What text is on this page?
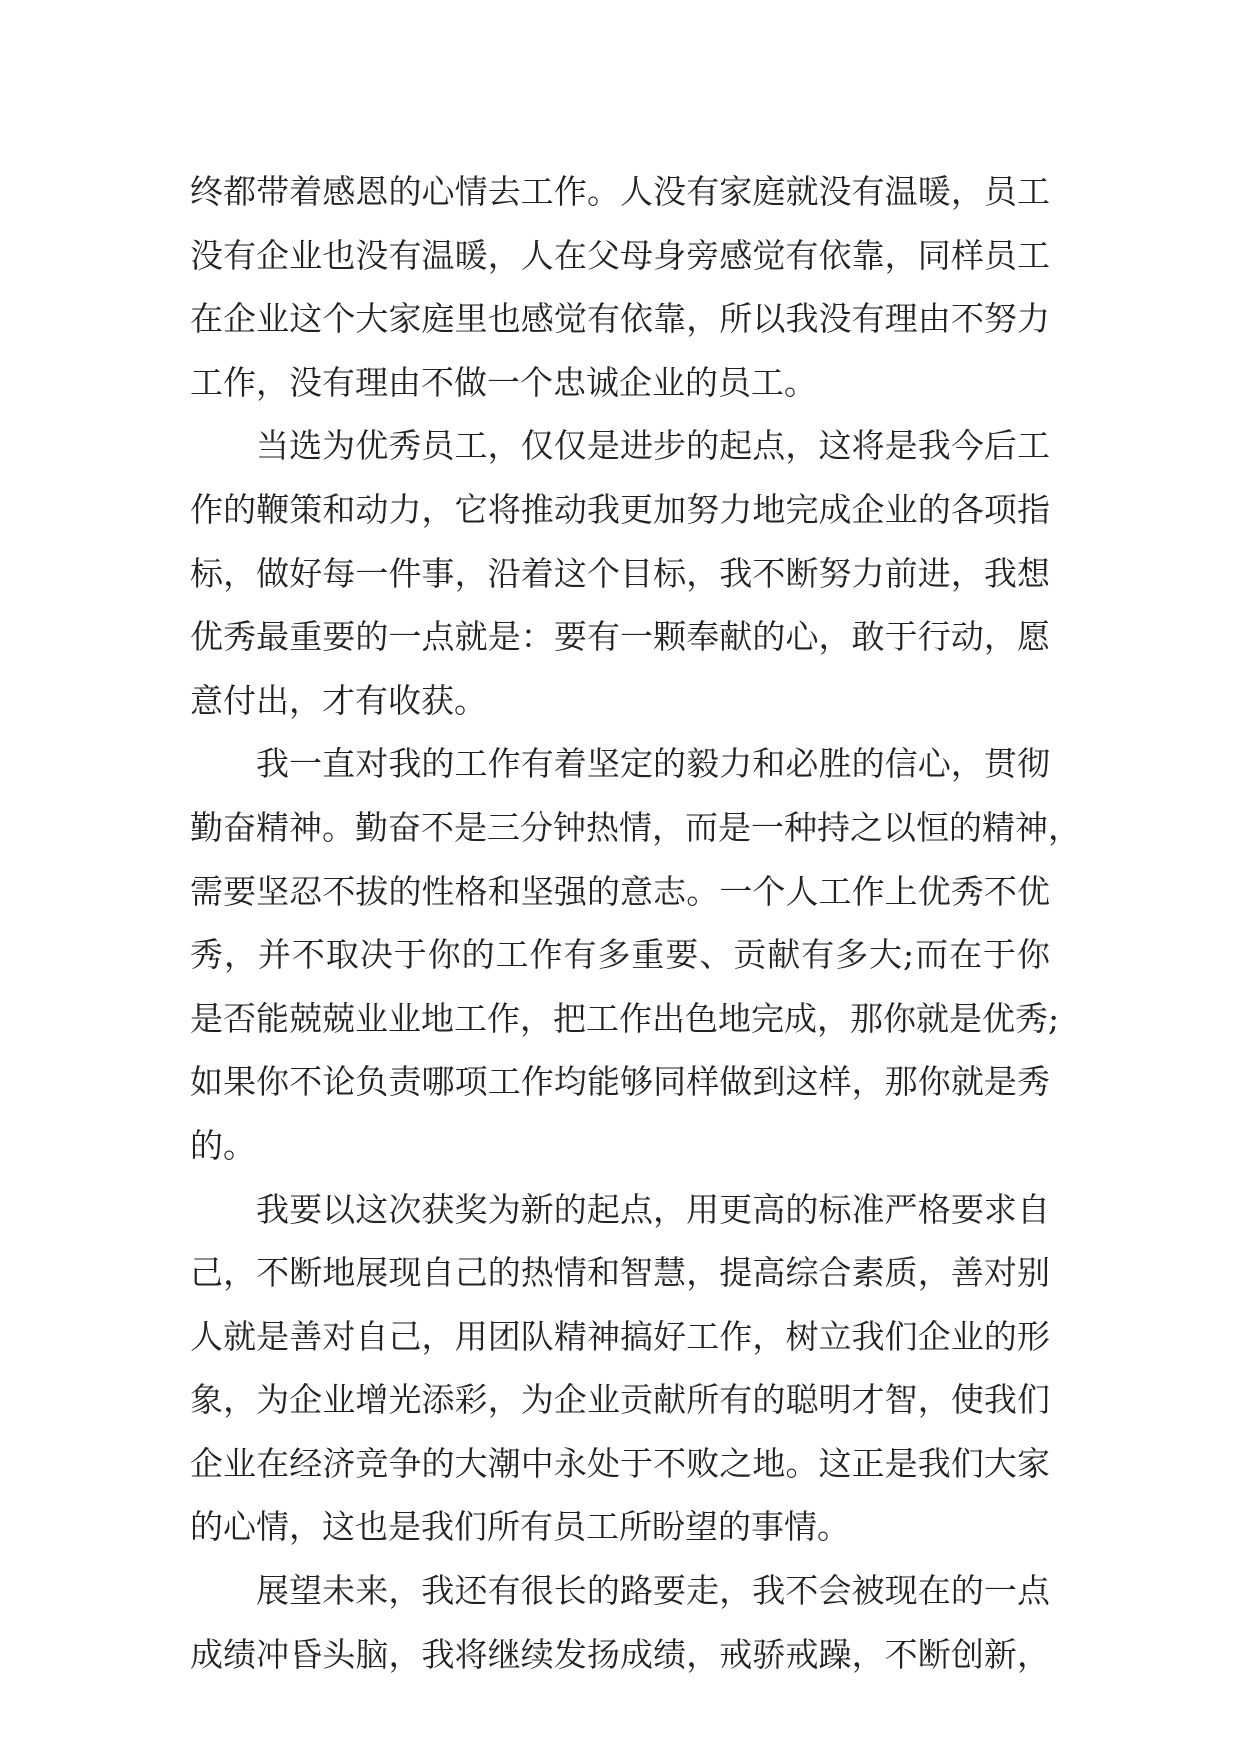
终都带着感恩的心情去工作。人没有家庭就没有温暖，员工
没有企业也没有温暖，人在父母身旁感觉有依靠，同样员工
在企业这个大家庭里也感觉有依靠，所以我没有理由不努力
工作，没有理由不做一个忠诚企业的员工。
当选为优秀员工，仅仅是进步的起点，这将是我今后工
作的鞭策和动力，它将推动我更加努力地完成企业的各项指
标，做好每一件事，沿着这个目标，我不断努力前进，我想
优秀最重要的一点就是：要有一颗奉献的心，敢于行动，愿
意付出，才有收获。
我一直对我的工作有着坚定的毅力和必胜的信心，贯彻
勤奋精神。勤奋不是三分钟热情，而是一种持之以恒的精神，
需要坚忍不拔的性格和坚强的意志。一个人工作上优秀不优
秀，并不取决于你的工作有多重要、贡献有多大;而在于你
是否能兢兢业业地工作，把工作出色地完成，那你就是优秀;
如果你不论负责哪项工作均能够同样做到这样，那你就是秀
的。
我要以这次获奖为新的起点，用更高的标准严格要求自
己，不断地展现自己的热情和智慧，提高综合素质，善对别
人就是善对自己，用团队精神搞好工作，树立我们企业的形
象，为企业增光添彩，为企业贡献所有的聪明才智，使我们
企业在经济竞争的大潮中永处于不败之地。这正是我们大家
的心情，这也是我们所有员工所盼望的事情。
展望未来，我还有很长的路要走，我不会被现在的一点
成绩冲昏头脑，我将继续发扬成绩，戒骄戒躁，不断创新，
